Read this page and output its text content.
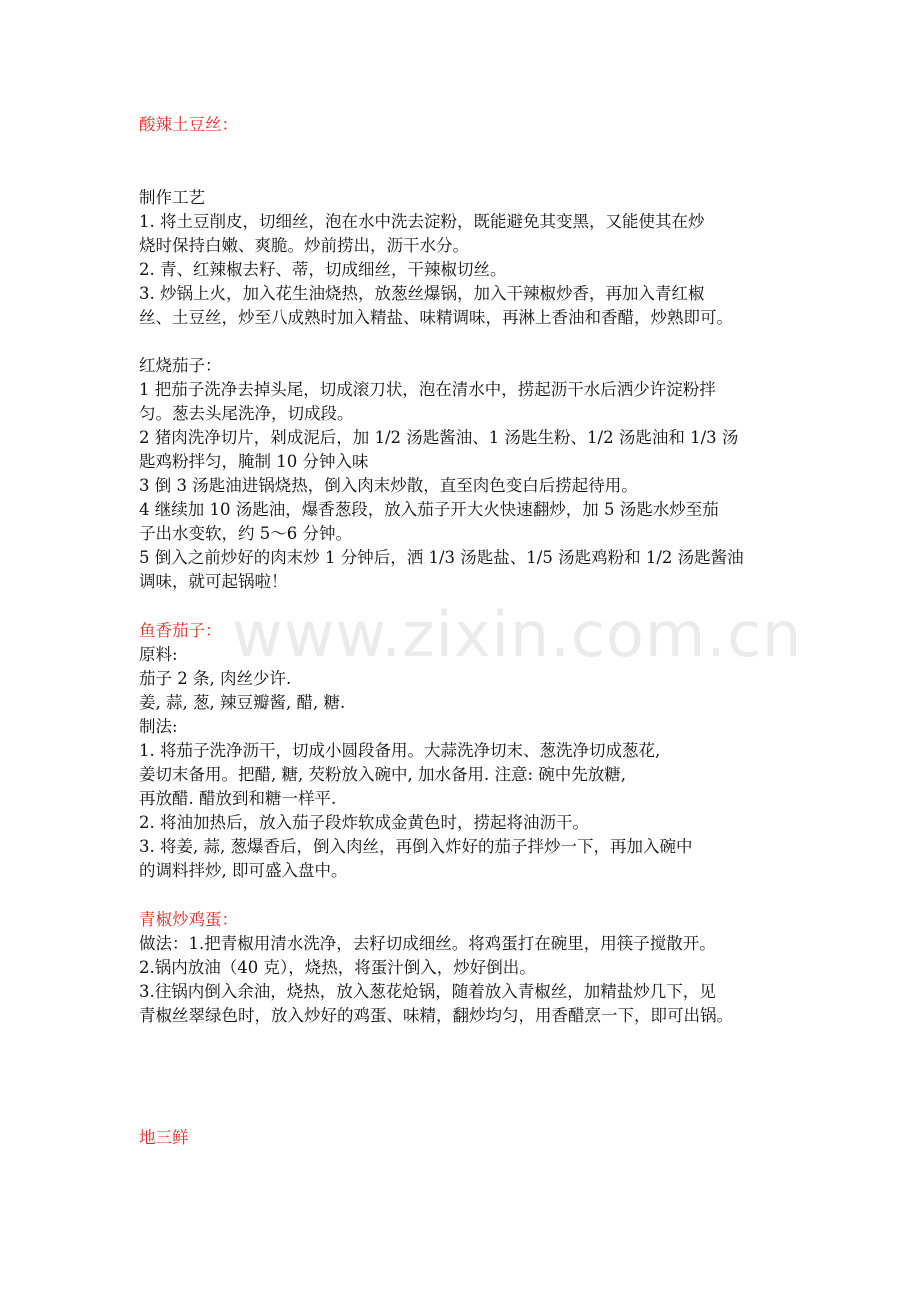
www.zixin.com.cn
酸辣土豆丝：
制作工艺
1. 将土豆削皮，切细丝，泡在水中洗去淀粉，既能避免其变黑，又能使其在炒
烧时保持白嫩、爽脆。炒前捞出，沥干水分。
2. 青、红辣椒去籽、蒂，切成细丝，干辣椒切丝。
3. 炒锅上火，加入花生油烧热，放葱丝爆锅，加入干辣椒炒香，再加入青红椒
丝、土豆丝，炒至八成熟时加入精盐、味精调味，再淋上香油和香醋，炒熟即可。
红烧茄子：
1 把茄子洗净去掉头尾，切成滚刀状，泡在清水中，捞起沥干水后洒少许淀粉拌
匀。葱去头尾洗净，切成段。
2 猪肉洗净切片，剁成泥后，加 1/2 汤匙酱油、1 汤匙生粉、1/2 汤匙油和 1/3 汤
匙鸡粉拌匀，腌制 10 分钟入味
3 倒 3 汤匙油进锅烧热，倒入肉末炒散，直至肉色变白后捞起待用。
4 继续加 10 汤匙油，爆香葱段，放入茄子开大火快速翻炒，加 5 汤匙水炒至茄
子出水变软，约 5～6 分钟。
5 倒入之前炒好的肉末炒 1 分钟后，洒 1/3 汤匙盐、1/5 汤匙鸡粉和 1/2 汤匙酱油
调味，就可起锅啦！
鱼香茄子：
原料:
茄子 2 条, 肉丝少许.
姜, 蒜, 葱, 辣豆瓣酱, 醋, 糖.
制法:
1. 将茄子洗净沥干，切成小圆段备用。大蒜洗净切末、葱洗净切成葱花,
姜切末备用。把醋, 糖, 芡粉放入碗中, 加水备用. 注意: 碗中先放糖,
再放醋. 醋放到和糖一样平.
2. 将油加热后，放入茄子段炸软成金黄色时，捞起将油沥干。
3. 将姜, 蒜, 葱爆香后，倒入肉丝，再倒入炸好的茄子拌炒一下，再加入碗中
的调料拌炒, 即可盛入盘中。
青椒炒鸡蛋：
做法：1.把青椒用清水洗净，去籽切成细丝。将鸡蛋打在碗里，用筷子搅散开。
2.锅内放油（40 克），烧热，将蛋汁倒入，炒好倒出。
3.往锅内倒入余油，烧热，放入葱花炝锅，随着放入青椒丝，加精盐炒几下，见
青椒丝翠绿色时，放入炒好的鸡蛋、味精，翻炒均匀，用香醋烹一下，即可出锅。
地三鲜
